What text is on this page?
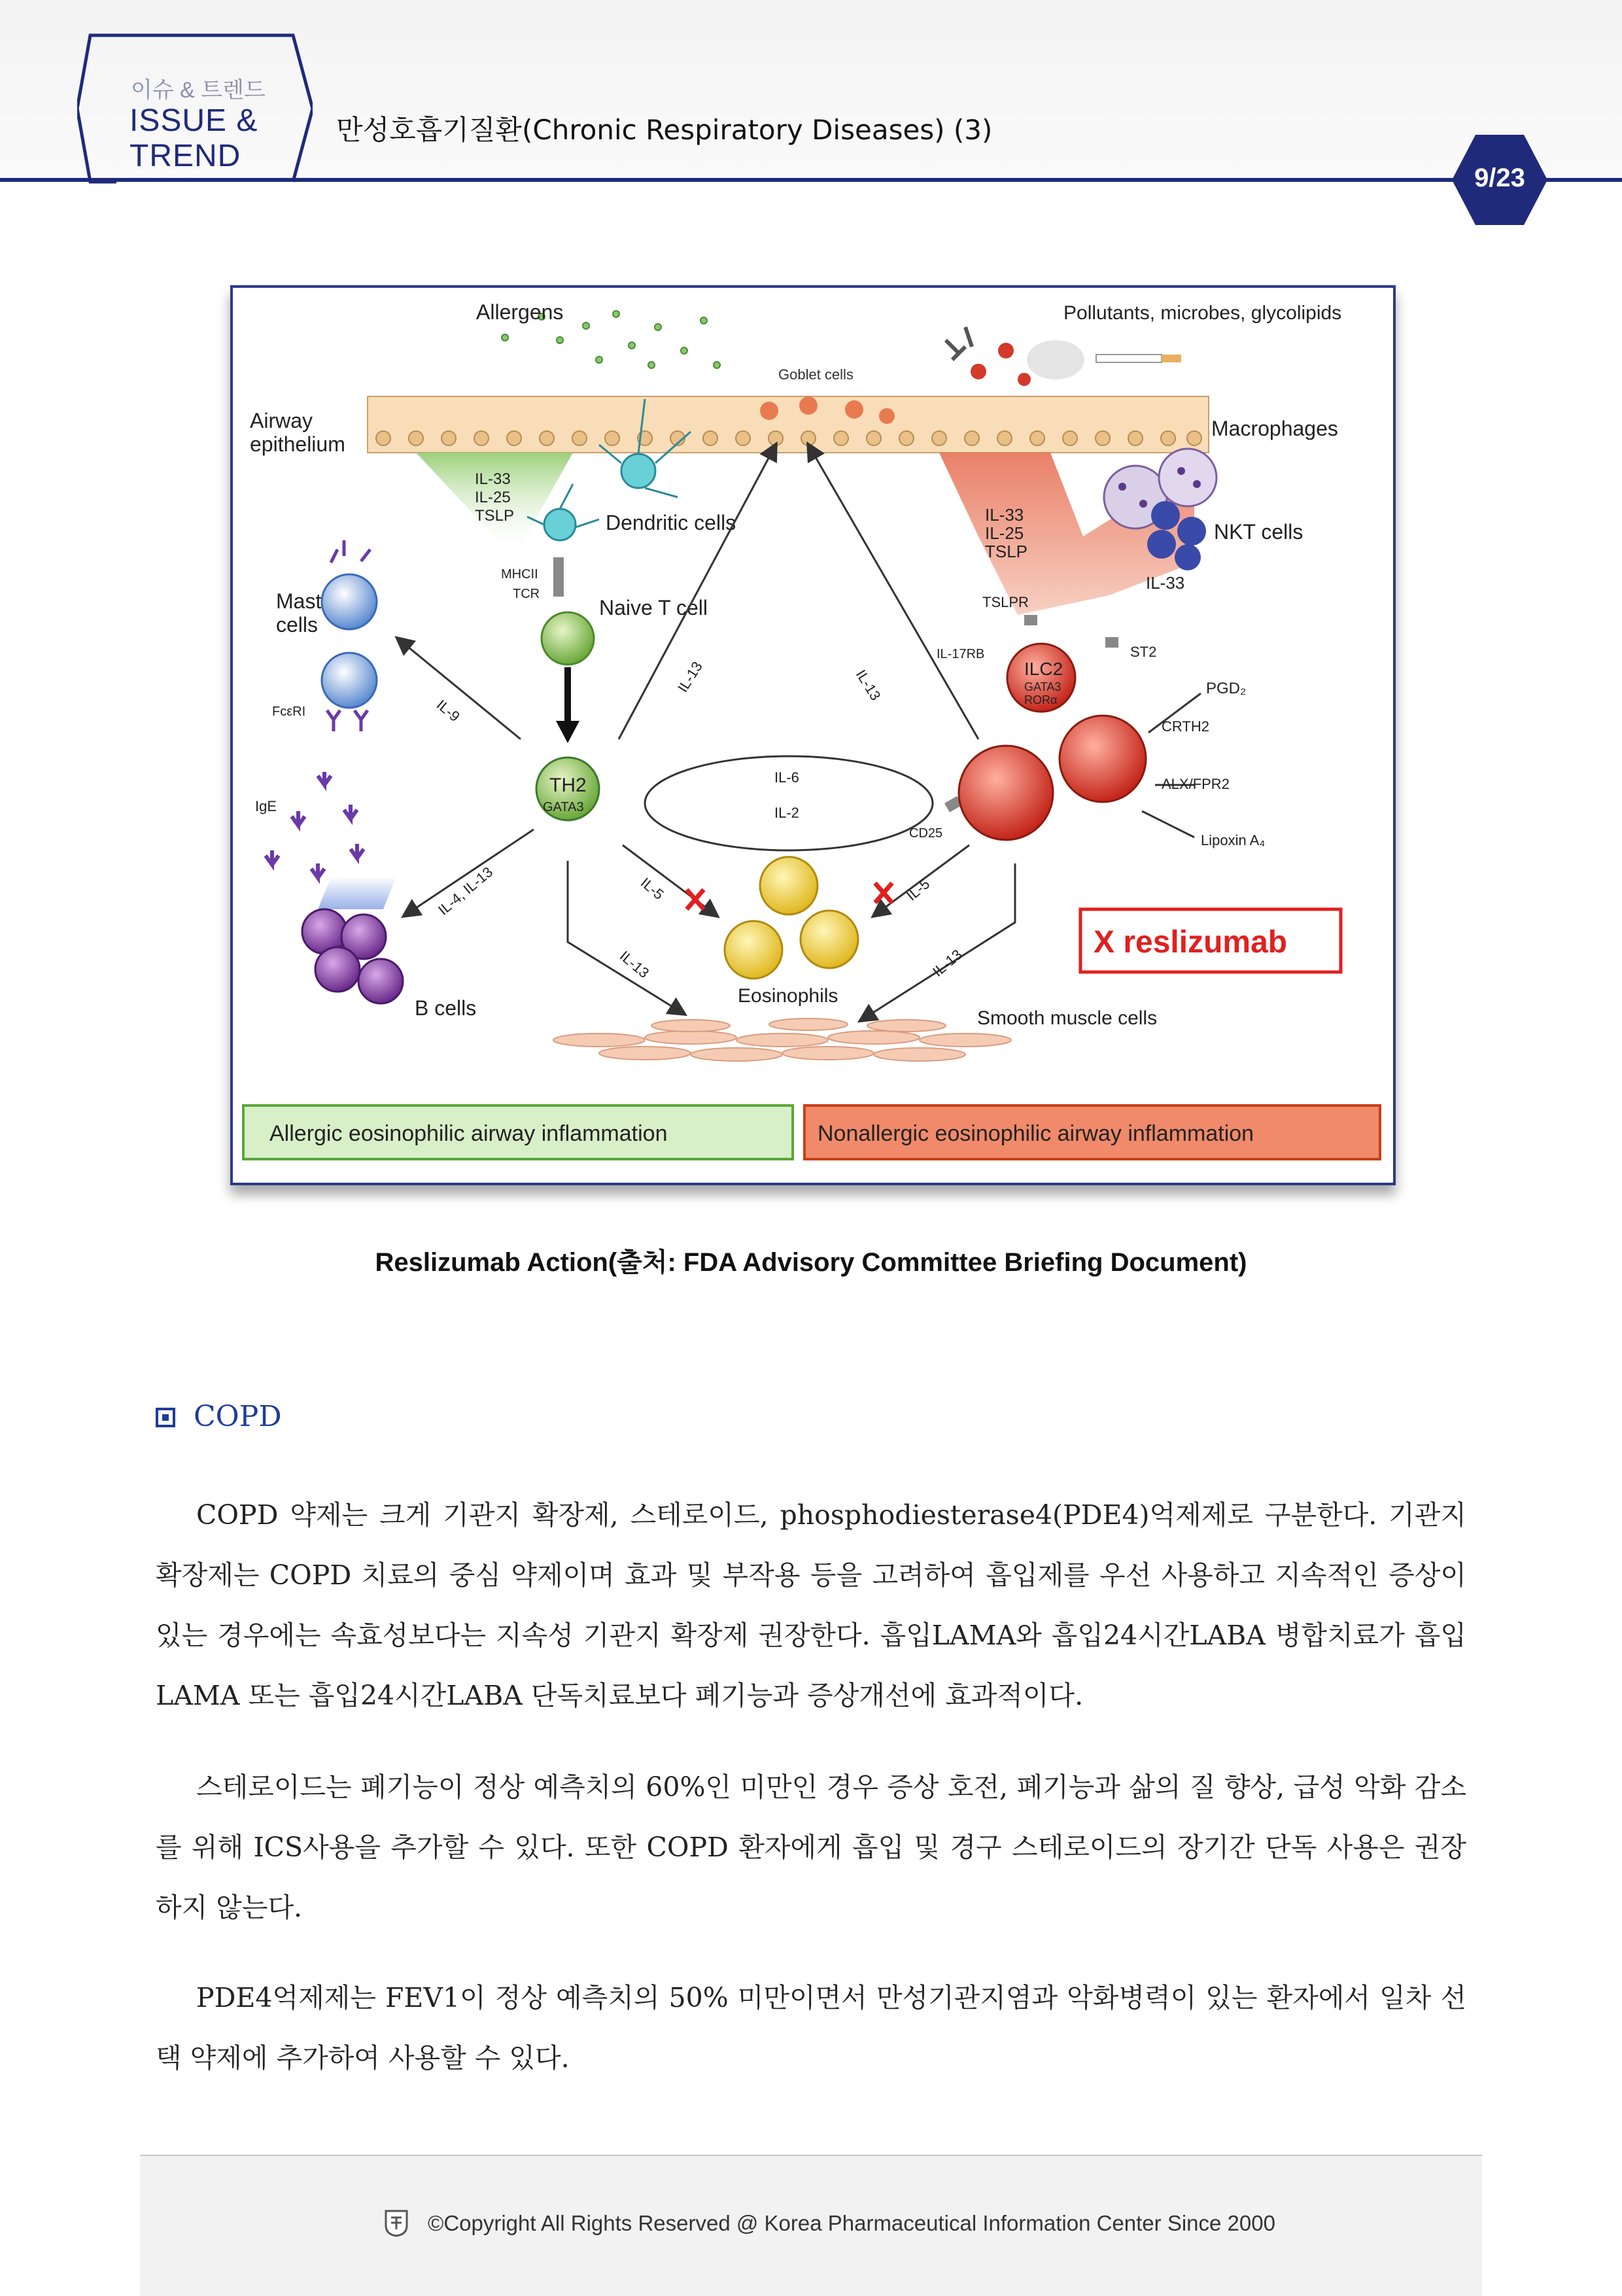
이슈 & 트렌드
ISSUE &
TREND
만성호흡기질환(Chronic Respiratory Diseases) (3)
9/23
Goblet cells
Allergens	Pollutants, microbes, glycolipids
Airway
epithelium
Macrophages
IL-33
IL-25
TSLP	IL-33
IL-25
TSLP
NKT cells
IL-33
Dendritic cells
MHCII
TCR
Naive T cell
Mast
cells
FcεRI
IgE
B cells
TH2
GATA3
IL-9
IL-13	IL-13
IL-4, IL-13	IL-5	IL-5
IL-13	IL-13
IL-6
IL-2
CD25
ILC2
GATA3
RORα
TSLPR
IL-17RB	ST2
PGD₂
CRTH2
ALX/FPR2
Lipoxin A₄
Eosinophils
Smooth muscle cells
X reslizumab
Allergic eosinophilic airway inflammation	Nonallergic eosinophilic airway inflammation
Reslizumab Action(출처: FDA Advisory Committee Briefing Document)
COPD

COPD 약제는 크게 기관지 확장제, 스테로이드, phosphodiesterase4(PDE4)억제제로 구분한다. 기관지 확장제는 COPD 치료의 중심 약제이며 효과 및 부작용 등을 고려하여 흡입제를 우선 사용하고 지속적인 증상이 있는 경우에는 속효성보다는 지속성 기관지 확장제 권장한다. 흡입LAMA와 흡입24시간LABA 병합치료가 흡입LAMA 또는 흡입24시간LABA 단독치료보다 폐기능과 증상개선에 효과적이다.

스테로이드는 폐기능이 정상 예측치의 60%인 미만인 경우 증상 호전, 폐기능과 삶의 질 향상, 급성 악화 감소를 위해 ICS사용을 추가할 수 있다. 또한 COPD 환자에게 흡입 및 경구 스테로이드의 장기간 단독 사용은 권장하지 않는다.

PDE4억제제는 FEV1이 정상 예측치의 50% 미만이면서 만성기관지염과 악화병력이 있는 환자에서 일차 선택 약제에 추가하여 사용할 수 있다.

©Copyright All Rights Reserved @ Korea Pharmaceutical Information Center Since 2000
